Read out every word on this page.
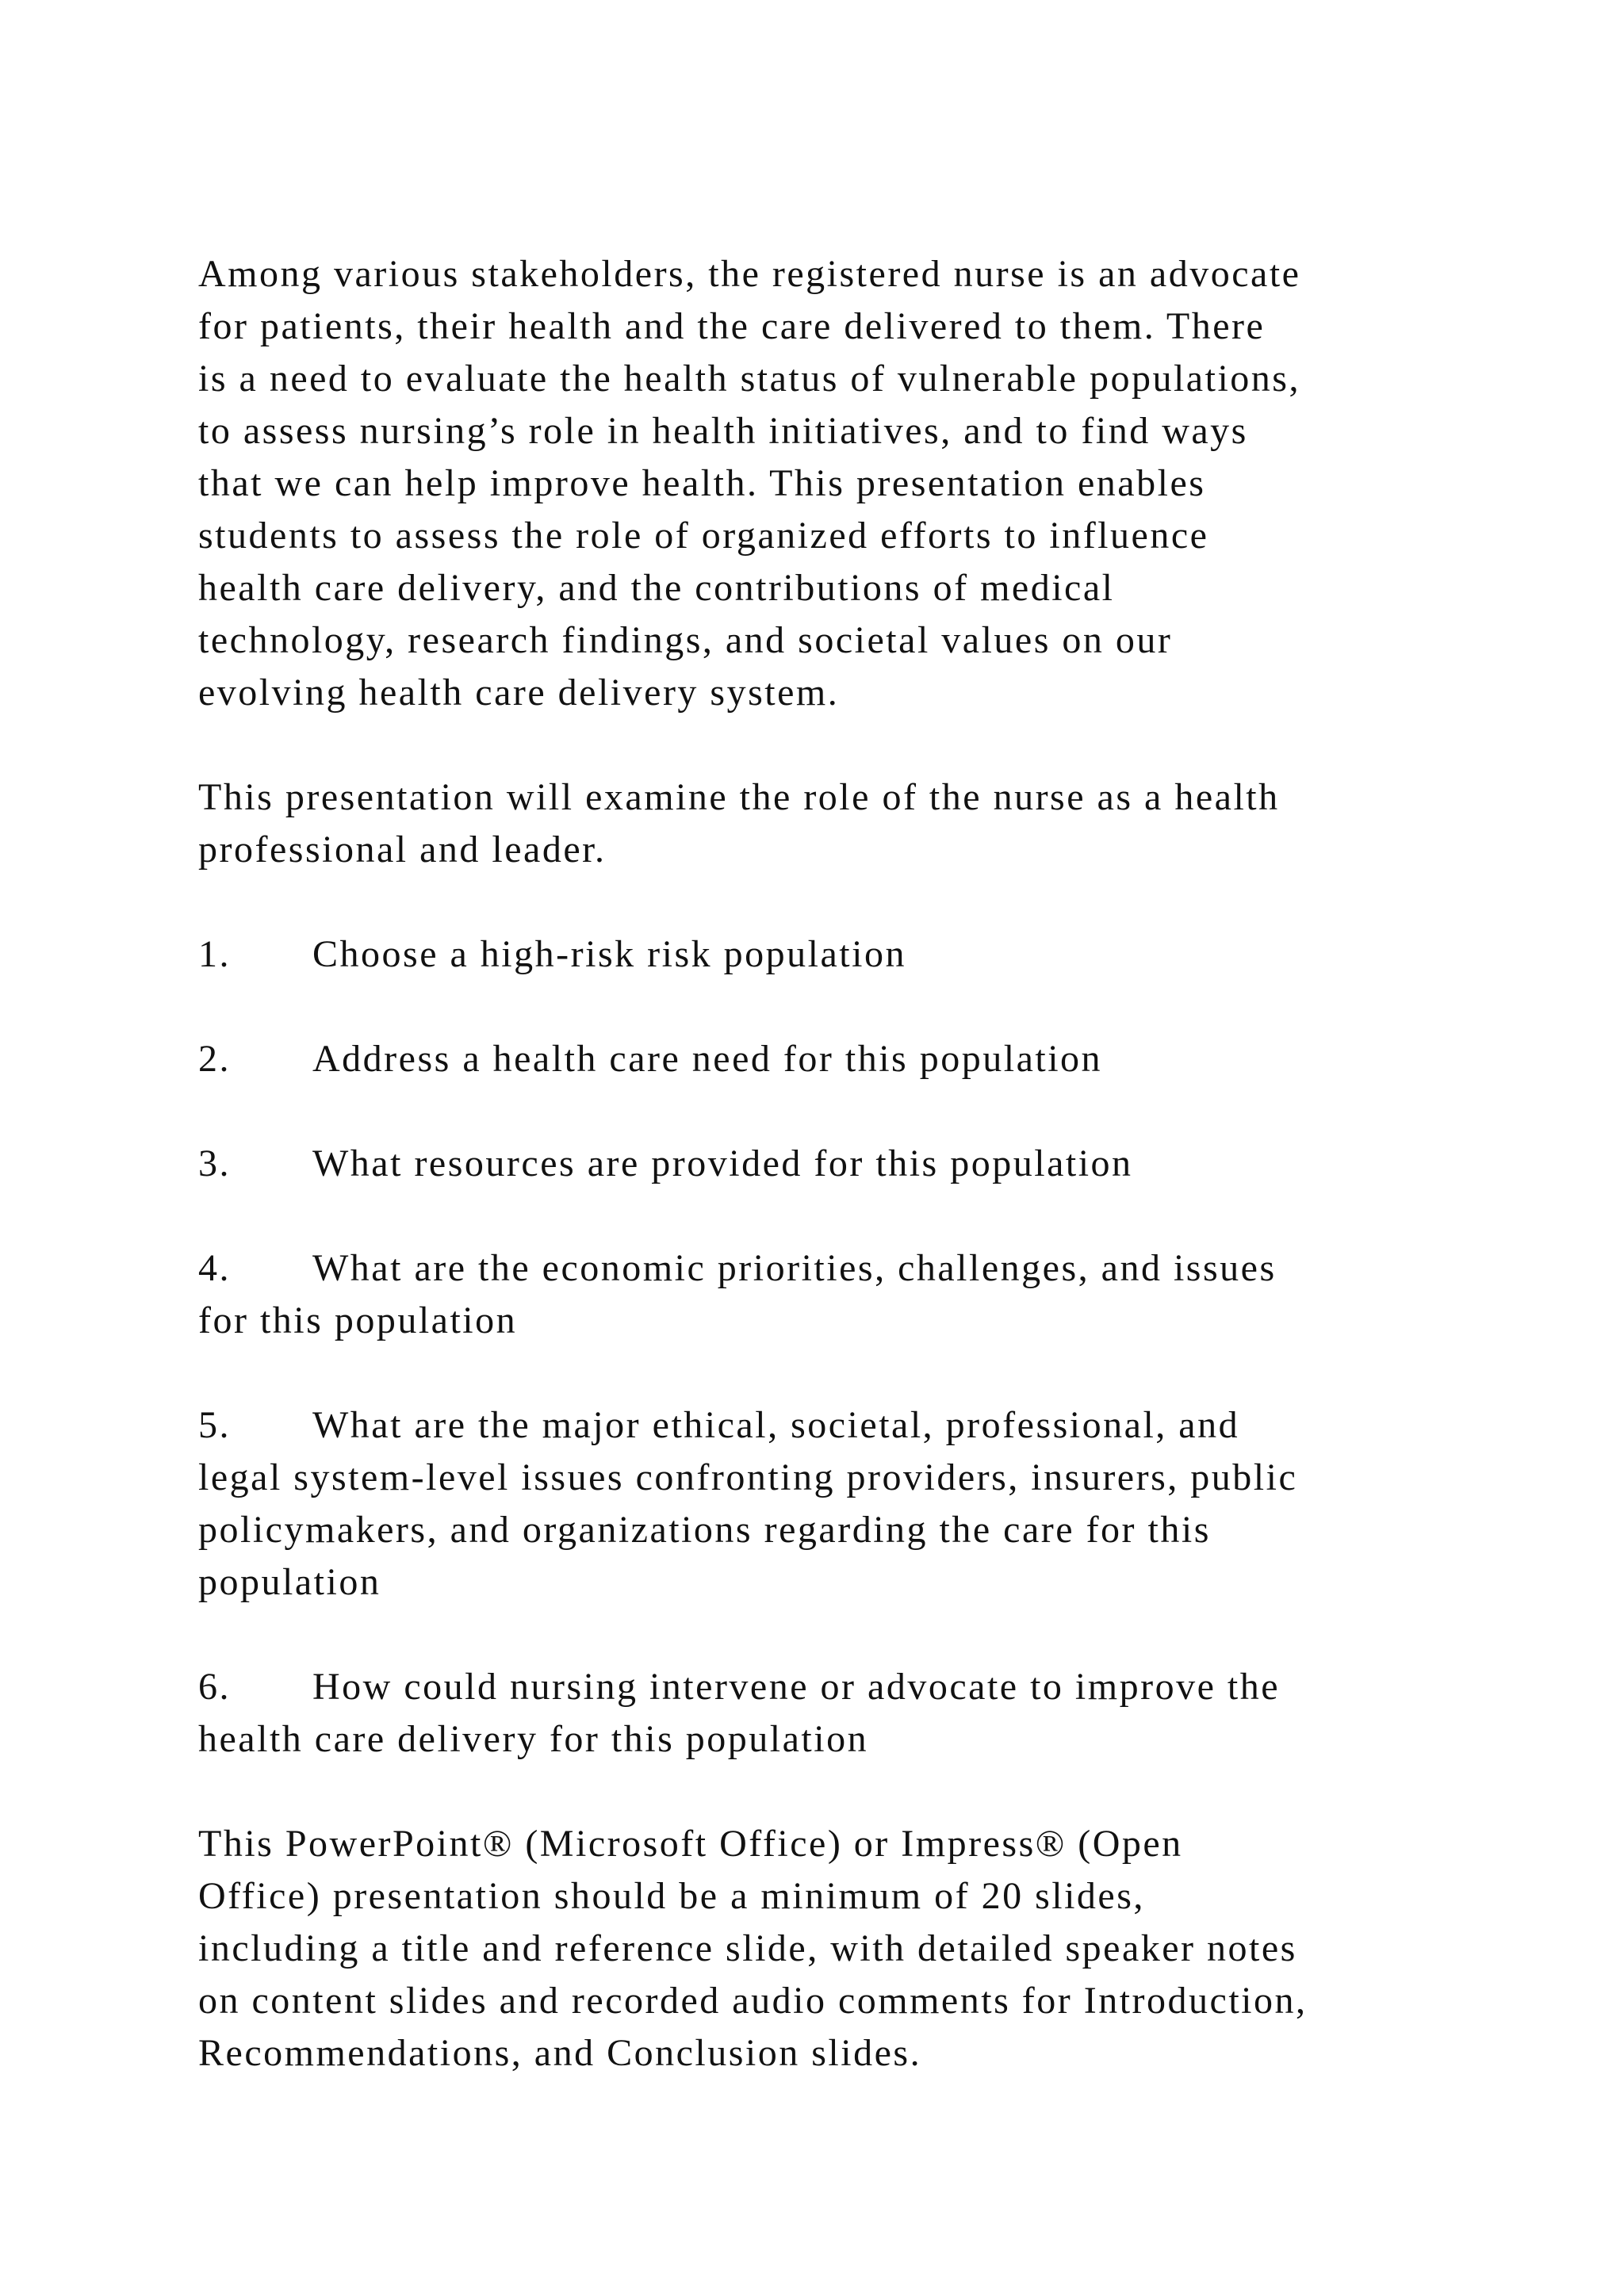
Among various stakeholders, the registered nurse is an advocate

for patients, their health and the care delivered to them. There

is a need to evaluate the health status of vulnerable populations,

to assess nursing’s role in health initiatives, and to find ways

that we can help improve health. This presentation enables

students to assess the role of organized efforts to influence

health care delivery, and the contributions of medical

technology, research findings, and societal values on our

evolving health care delivery system.

This presentation will examine the role of the nurse as a health

professional and leader.

1. Choose a high-risk risk population

2. Address a health care need for this population

3. What resources are provided for this population

4. What are the economic priorities, challenges, and issues

for this population

5. What are the major ethical, societal, professional, and

legal system-level issues confronting providers, insurers, public

policymakers, and organizations regarding the care for this

population

6. How could nursing intervene or advocate to improve the

health care delivery for this population

This PowerPoint® (Microsoft Office) or Impress® (Open

Office) presentation should be a minimum of 20 slides,

including a title and reference slide, with detailed speaker notes

on content slides and recorded audio comments for Introduction,

Recommendations, and Conclusion slides.
